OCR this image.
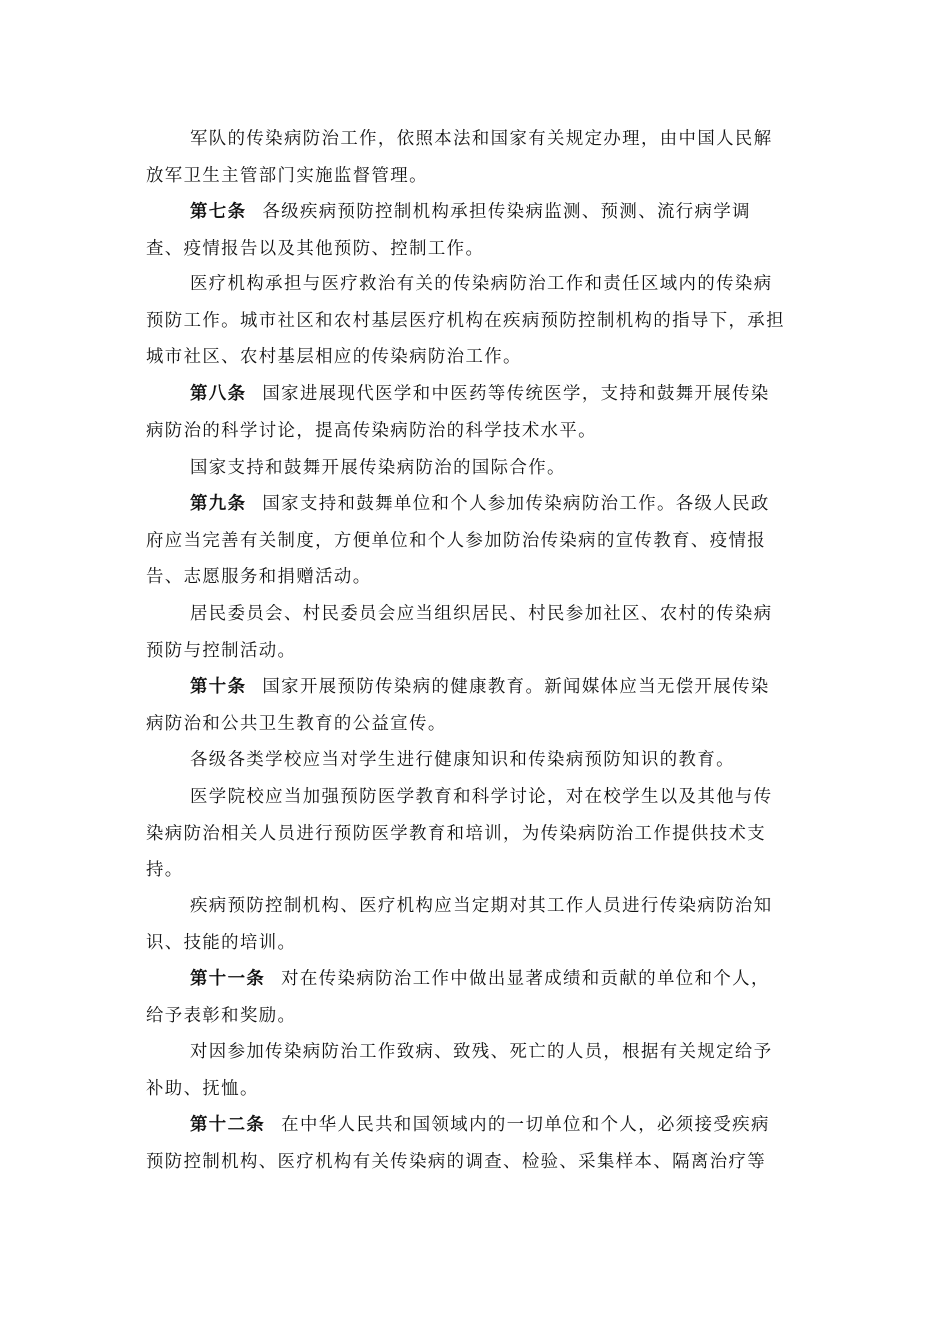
军队的传染病防治工作，依照本法和国家有关规定办理，由中国人民解放军卫生主管部门实施监督管理。

第七条 各级疾病预防控制机构承担传染病监测、预测、流行病学调查、疫情报告以及其他预防、控制工作。

医疗机构承担与医疗救治有关的传染病防治工作和责任区域内的传染病预防工作。城市社区和农村基层医疗机构在疾病预防控制机构的指导下，承担城市社区、农村基层相应的传染病防治工作。

第八条 国家进展现代医学和中医药等传统医学，支持和鼓舞开展传染病防治的科学讨论，提高传染病防治的科学技术水平。

国家支持和鼓舞开展传染病防治的国际合作。

第九条 国家支持和鼓舞单位和个人参加传染病防治工作。各级人民政府应当完善有关制度，方便单位和个人参加防治传染病的宣传教育、疫情报告、志愿服务和捐赠活动。

居民委员会、村民委员会应当组织居民、村民参加社区、农村的传染病预防与控制活动。

第十条 国家开展预防传染病的健康教育。新闻媒体应当无偿开展传染病防治和公共卫生教育的公益宣传。

各级各类学校应当对学生进行健康知识和传染病预防知识的教育。

医学院校应当加强预防医学教育和科学讨论，对在校学生以及其他与传染病防治相关人员进行预防医学教育和培训，为传染病防治工作提供技术支持。

疾病预防控制机构、医疗机构应当定期对其工作人员进行传染病防治知识、技能的培训。

第十一条 对在传染病防治工作中做出显著成绩和贡献的单位和个人，给予表彰和奖励。

对因参加传染病防治工作致病、致残、死亡的人员，根据有关规定给予补助、抚恤。

第十二条 在中华人民共和国领域内的一切单位和个人，必须接受疾病预防控制机构、医疗机构有关传染病的调查、检验、采集样本、隔离治疗等
